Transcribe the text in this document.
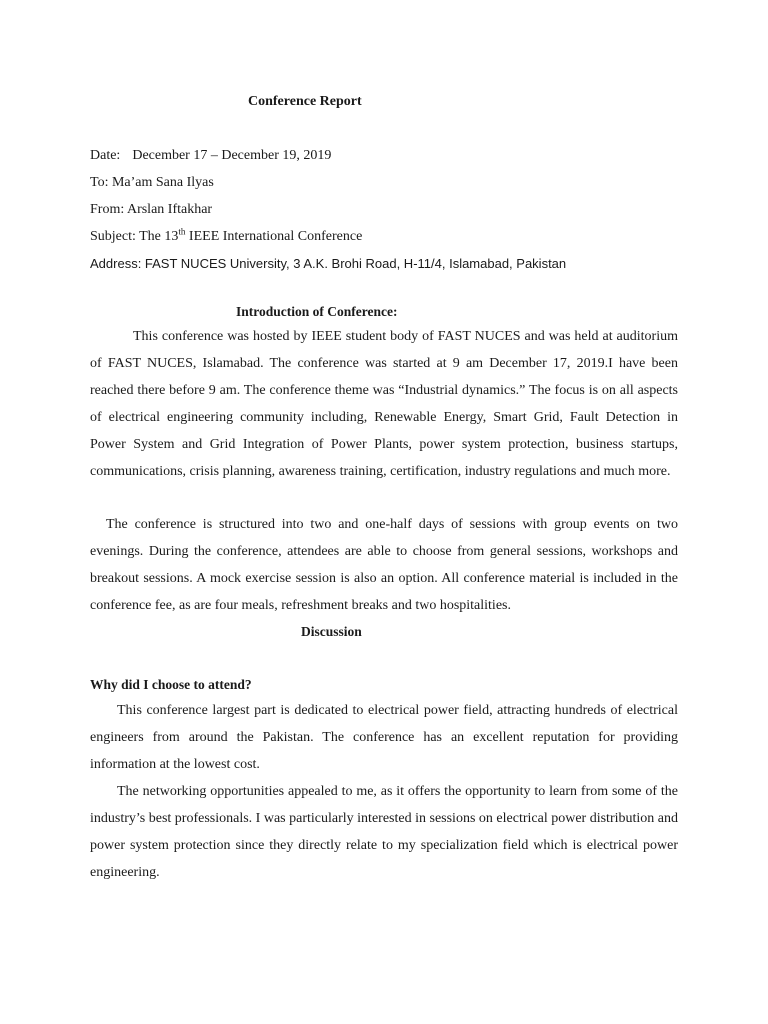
Conference Report
Date: December 17 – December 19, 2019
To: Ma’am Sana Ilyas
From: Arslan Iftakhar
Subject: The 13th IEEE International Conference
Address: FAST NUCES University, 3 A.K. Brohi Road, H-11/4, Islamabad, Pakistan
Introduction of Conference:

This conference was hosted by IEEE student body of FAST NUCES and was held at auditorium of FAST NUCES, Islamabad. The conference was started at 9 am December 17, 2019.I have been reached there before 9 am. The conference theme was “Industrial dynamics.” The focus is on all aspects of electrical engineering community including, Renewable Energy, Smart Grid, Fault Detection in Power System and Grid Integration of Power Plants, power system protection, business startups, communications, crisis planning, awareness training, certification, industry regulations and much more.

The conference is structured into two and one-half days of sessions with group events on two evenings. During the conference, attendees are able to choose from general sessions, workshops and breakout sessions. A mock exercise session is also an option. All conference material is included in the conference fee, as are four meals, refreshment breaks and two hospitalities.

Discussion
Why did I choose to attend?

This conference largest part is dedicated to electrical power field, attracting hundreds of electrical engineers from around the Pakistan. The conference has an excellent reputation for providing information at the lowest cost.

The networking opportunities appealed to me, as it offers the opportunity to learn from some of the industry’s best professionals. I was particularly interested in sessions on electrical power distribution and power system protection since they directly relate to my specialization field which is electrical power engineering.
